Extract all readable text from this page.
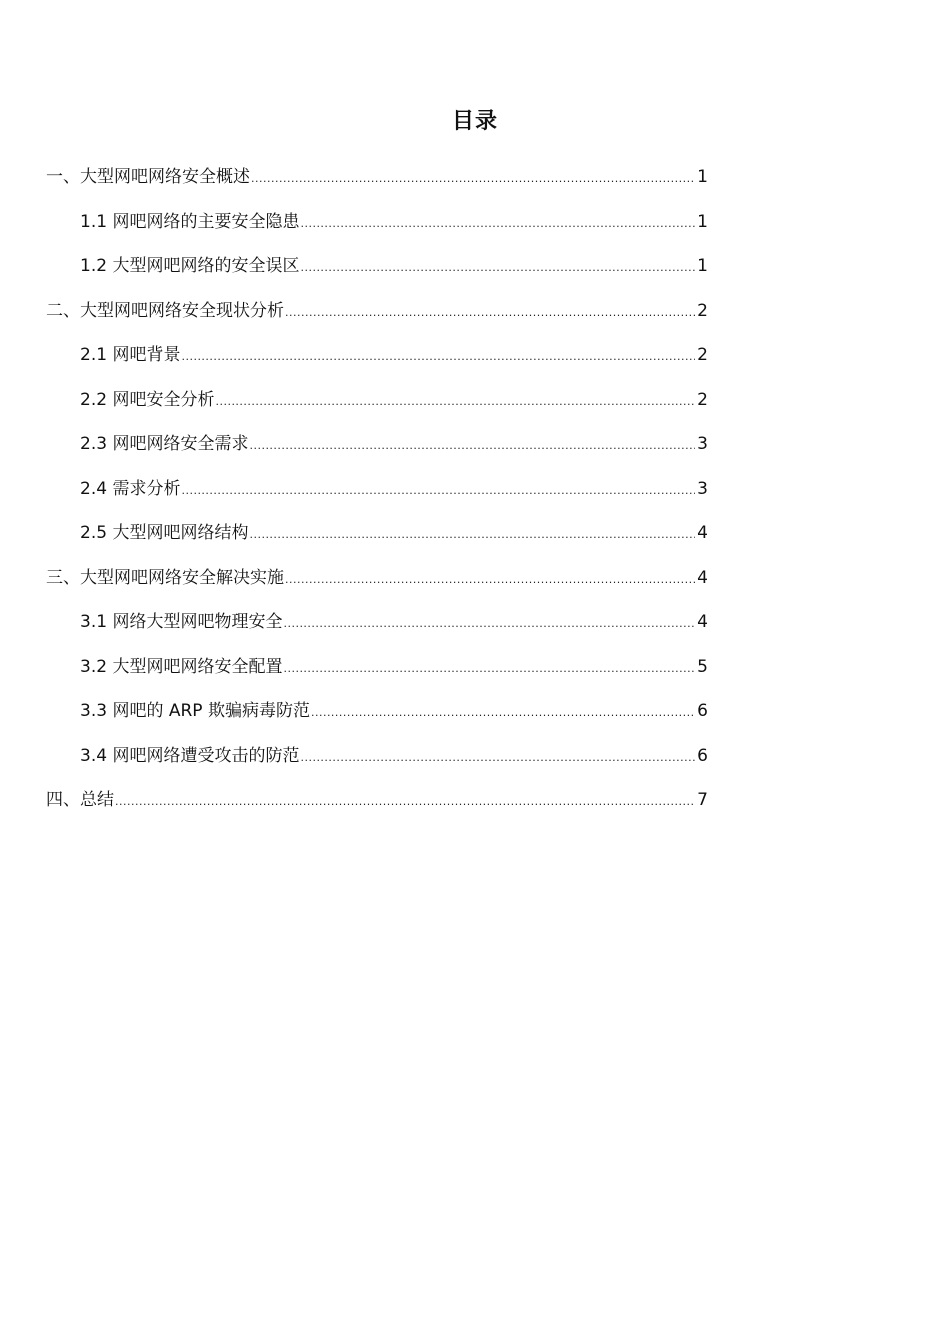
目录
一、大型网吧网络安全概述 .....	1
1.1 网吧网络的主要安全隐患 .....	1
1.2 大型网吧网络的安全误区 .....	1
二、大型网吧网络安全现状分析 .....	2
2.1 网吧背景 .....	2
2.2 网吧安全分析 .....	2
2.3 网吧网络安全需求 .....	3
2.4 需求分析 .....	3
2.5 大型网吧网络结构 .....	4
三、大型网吧网络安全解决实施 .....	4
3.1 网络大型网吧物理安全 .....	4
3.2 大型网吧网络安全配置 .....	5
3.3 网吧的 ARP 欺骗病毒防范 .....	6
3.4 网吧网络遭受攻击的防范 .....	6
四、总结 .....	7
